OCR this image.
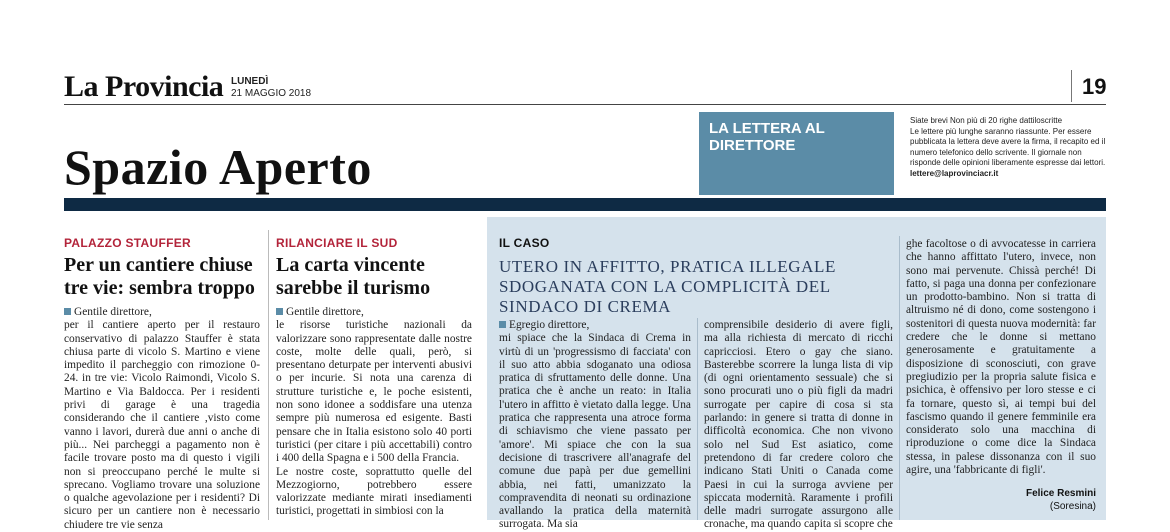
La Provincia LUNEDÌ
21 MAGGIO 2018	19
Spazio Aperto
LA LETTERA AL DIRETTORE

Siate brevi Non più di 20 righe dattiloscritte

Le lettere più lunghe saranno riassunte. Per essere pubblicata la lettera deve avere la firma, il recapito ed il numero telefonico dello scrivente. Il giornale non risponde delle opinioni liberamente espresse dai lettori.

lettere@laprovinciacr.it

PALAZZO STAUFFER
Per un cantiere chiuse tre vie: sembra troppo

Gentile direttore,

per il cantiere aperto per il restauro conservativo di palazzo Stauffer è stata chiusa parte di vicolo S. Martino e viene impedito il parcheggio con rimozione 0-24. in tre vie: Vicolo Raimondi, Vicolo S. Martino e Via Baldocca. Per i residenti privi di garage è una tragedia considerando che il cantiere ,visto come vanno i lavori, durerà due anni o anche di più... Nei parcheggi a pagamento non è facile trovare posto ma di questo i vigili non si preoccupano perché le multe si sprecano. Vogliamo trovare una soluzione o qualche agevolazione per i residenti? Di sicuro per un cantiere non è necessario chiudere tre vie senza

RILANCIARE IL SUD
La carta vincente sarebbe il turismo

Gentile direttore,

le risorse turistiche nazionali da valorizzare sono rappresentate dalle nostre coste, molte delle quali, però, si presentano deturpate per interventi abusivi o per incurie. Si nota una carenza di strutture turistiche e, le poche esistenti, non sono idonee a soddisfare una utenza sempre più numerosa ed esigente. Basti pensare che in Italia esistono solo 40 porti turistici (per citare i più accettabili) contro i 400 della Spagna e i 500 della Francia.

Le nostre coste, soprattutto quelle del Mezzogiorno, potrebbero essere valorizzate mediante mirati insediamenti turistici, progettati in simbiosi con la

IL CASO
UTERO IN AFFITTO, PRATICA ILLEGALE SDOGANATA CON LA COMPLICITÀ DEL SINDACO DI CREMA

Egregio direttore,

mi spiace che la Sindaca di Crema in virtù di un 'progressismo di facciata' con il suo atto abbia sdoganato una odiosa pratica di sfruttamento delle donne. Una pratica che è anche un reato: in Italia l'utero in affitto è vietato dalla legge. Una pratica che rappresenta una atroce forma di schiavismo che viene passato per 'amore'. Mi spiace che con la sua decisione di trascrivere all'anagrafe del comune due papà per due gemellini abbia, nei fatti, umanizzato la compravendita di neonati su ordinazione avallando la pratica della maternità surrogata. Ma sia

comprensibile desiderio di avere figli, ma alla richiesta di mercato di ricchi capricciosi. Etero o gay che siano. Basterebbe scorrere la lunga lista di vip (di ogni orientamento sessuale) che si sono procurati uno o più figli da madri surrogate per capire di cosa si sta parlando: in genere si tratta di donne in difficoltà economica. Che non vivono solo nel Sud Est asiatico, come pretendono di far credere coloro che indicano Stati Uniti o Canada come Paesi in cui la surroga avviene per spiccata modernità. Raramente i profili delle madri surrogate assurgono alle cronache, ma quando capita si scopre che

ghe facoltose o di avvocatesse in carriera che hanno affittato l'utero, invece, non sono mai pervenute. Chissà perché! Di fatto, si paga una donna per confezionare un prodotto-bambino. Non si tratta di altruismo né di dono, come sostengono i sostenitori di questa nuova modernità: far credere che le donne si mettano generosamente e gratuitamente a disposizione di sconosciuti, con grave pregiudizio per la propria salute fisica e psichica, è offensivo per loro stesse e ci fa tornare, questo sì, ai tempi bui del fascismo quando il genere femminile era considerato solo una macchina di riproduzione o come dice la Sindaca stessa, in palese dissonanza con il suo agire, una 'fabbricante di figli'.

Felice Resmini
(Soresina)
